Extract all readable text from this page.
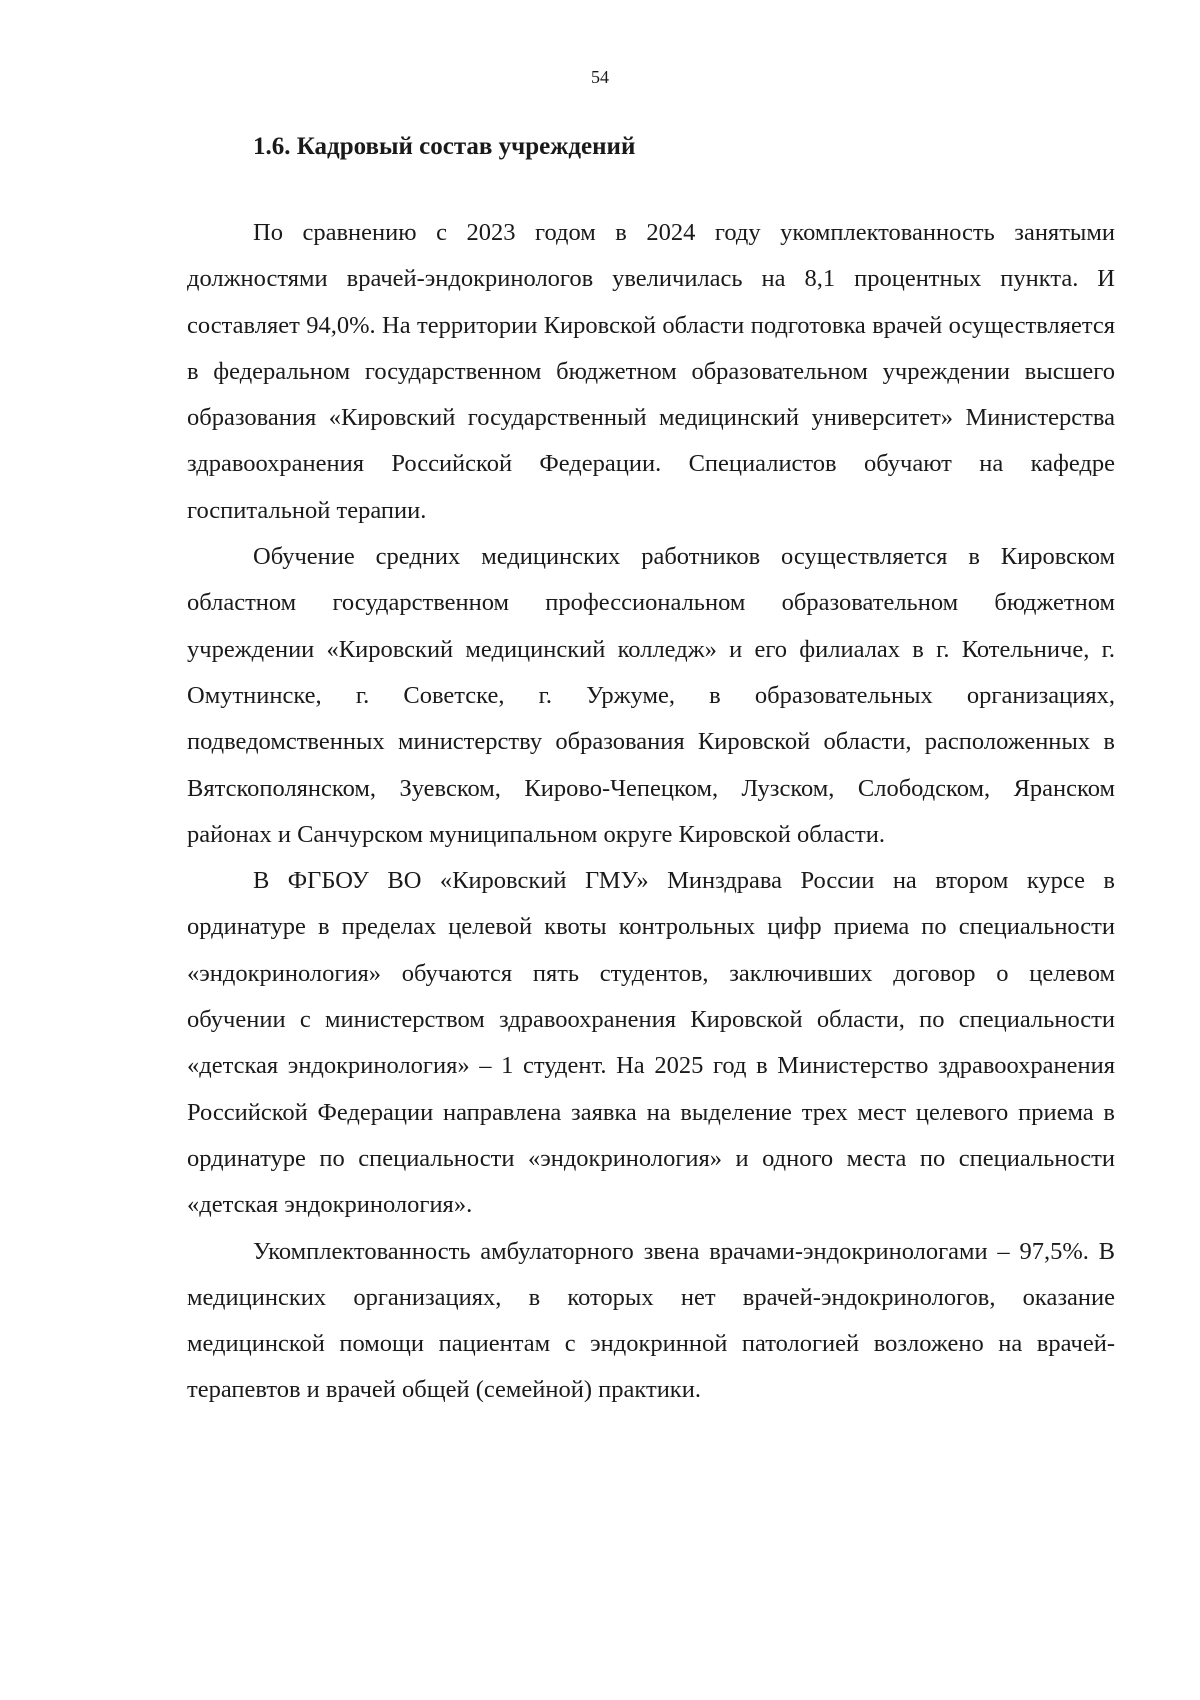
54
1.6. Кадровый состав учреждений

По сравнению с 2023 годом в 2024 году укомплектованность занятыми должностями врачей-эндокринологов увеличилась на 8,1 процентных пункта. И составляет 94,0%. На территории Кировской области подготовка врачей осуществляется в федеральном государственном бюджетном образовательном учреждении высшего образования «Кировский государственный медицинский университет» Министерства здравоохранения Российской Федерации. Специалистов обучают на кафедре госпитальной терапии.

Обучение средних медицинских работников осуществляется в Кировском областном государственном профессиональном образовательном бюджетном учреждении «Кировский медицинский колледж» и его филиалах в г. Котельниче, г. Омутнинске, г. Советске, г. Уржуме, в образовательных организациях, подведомственных министерству образования Кировской области, расположенных в Вятскополянском, Зуевском, Кирово-Чепецком, Лузском, Слободском, Яранском районах и Санчурском муниципальном округе Кировской области.

В ФГБОУ ВО «Кировский ГМУ» Минздрава России на втором курсе в ординатуре в пределах целевой квоты контрольных цифр приема по специальности «эндокринология» обучаются пять студентов, заключивших договор о целевом обучении с министерством здравоохранения Кировской области, по специальности «детская эндокринология» – 1 студент. На 2025 год в Министерство здравоохранения Российской Федерации направлена заявка на выделение трех мест целевого приема в ординатуре по специальности «эндокринология» и одного места по специальности «детская эндокринология».

Укомплектованность амбулаторного звена врачами-эндокринологами – 97,5%. В медицинских организациях, в которых нет врачей-эндокринологов, оказание медицинской помощи пациентам с эндокринной патологией возложено на врачей-терапевтов и врачей общей (семейной) практики.
